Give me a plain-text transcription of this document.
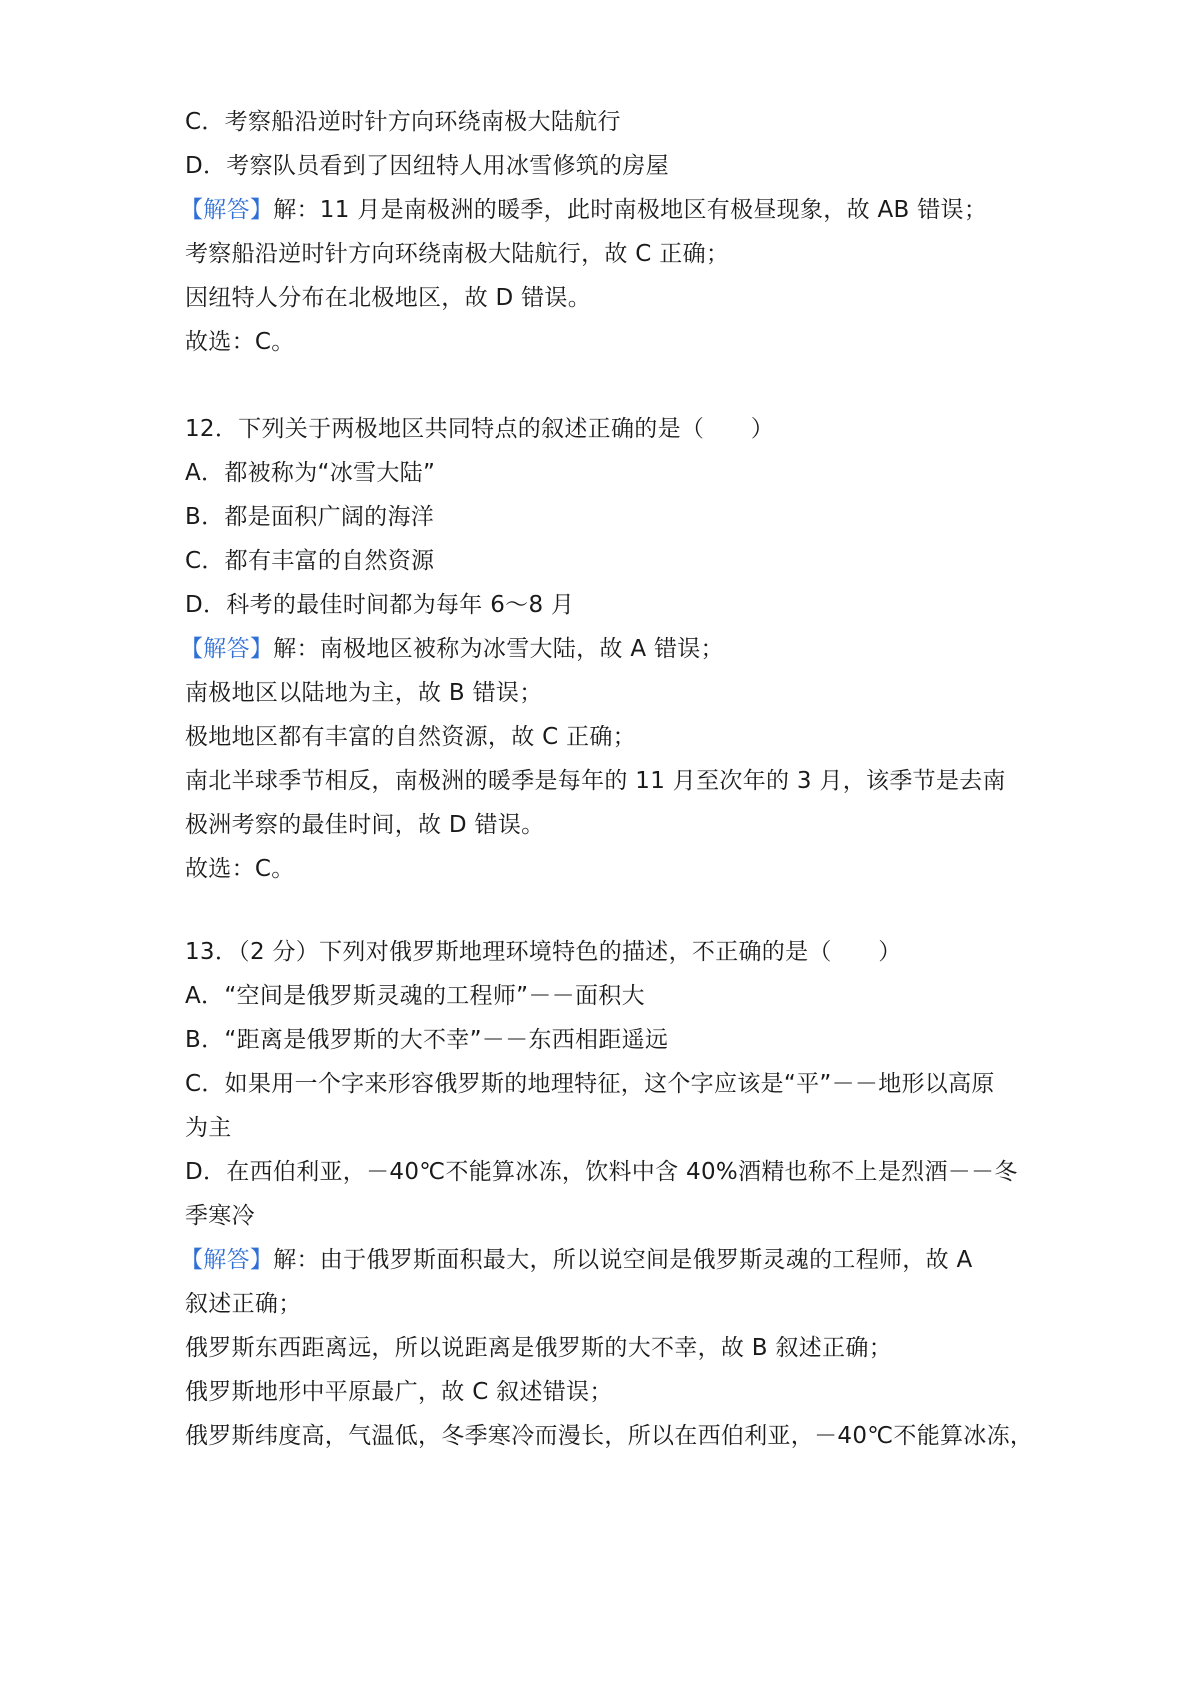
C．考察船沿逆时针方向环绕南极大陆航行
D．考察队员看到了因纽特人用冰雪修筑的房屋
【解答】解：11 月是南极洲的暖季，此时南极地区有极昼现象，故 AB 错误；
考察船沿逆时针方向环绕南极大陆航行，故 C 正确；
因纽特人分布在北极地区，故 D 错误。
故选：C。
12．下列关于两极地区共同特点的叙述正确的是（　　）
A．都被称为“冰雪大陆”
B．都是面积广阔的海洋
C．都有丰富的自然资源
D．科考的最佳时间都为每年 6～8 月
【解答】解：南极地区被称为冰雪大陆，故 A 错误；
南极地区以陆地为主，故 B 错误；
极地地区都有丰富的自然资源，故 C 正确；
南北半球季节相反，南极洲的暖季是每年的 11 月至次年的 3 月，该季节是去南
极洲考察的最佳时间，故 D 错误。
故选：C。
13．（2 分）下列对俄罗斯地理环境特色的描述，不正确的是（　　）
A．“空间是俄罗斯灵魂的工程师”－－面积大
B．“距离是俄罗斯的大不幸”－－东西相距遥远
C．如果用一个字来形容俄罗斯的地理特征，这个字应该是“平”－－地形以高原
为主
D．在西伯利亚，－40℃不能算冰冻，饮料中含 40%酒精也称不上是烈酒－－冬
季寒冷
【解答】解：由于俄罗斯面积最大，所以说空间是俄罗斯灵魂的工程师，故 A
叙述正确；
俄罗斯东西距离远，所以说距离是俄罗斯的大不幸，故 B 叙述正确；
俄罗斯地形中平原最广，故 C 叙述错误；
俄罗斯纬度高，气温低，冬季寒冷而漫长，所以在西伯利亚，－40℃不能算冰冻，
